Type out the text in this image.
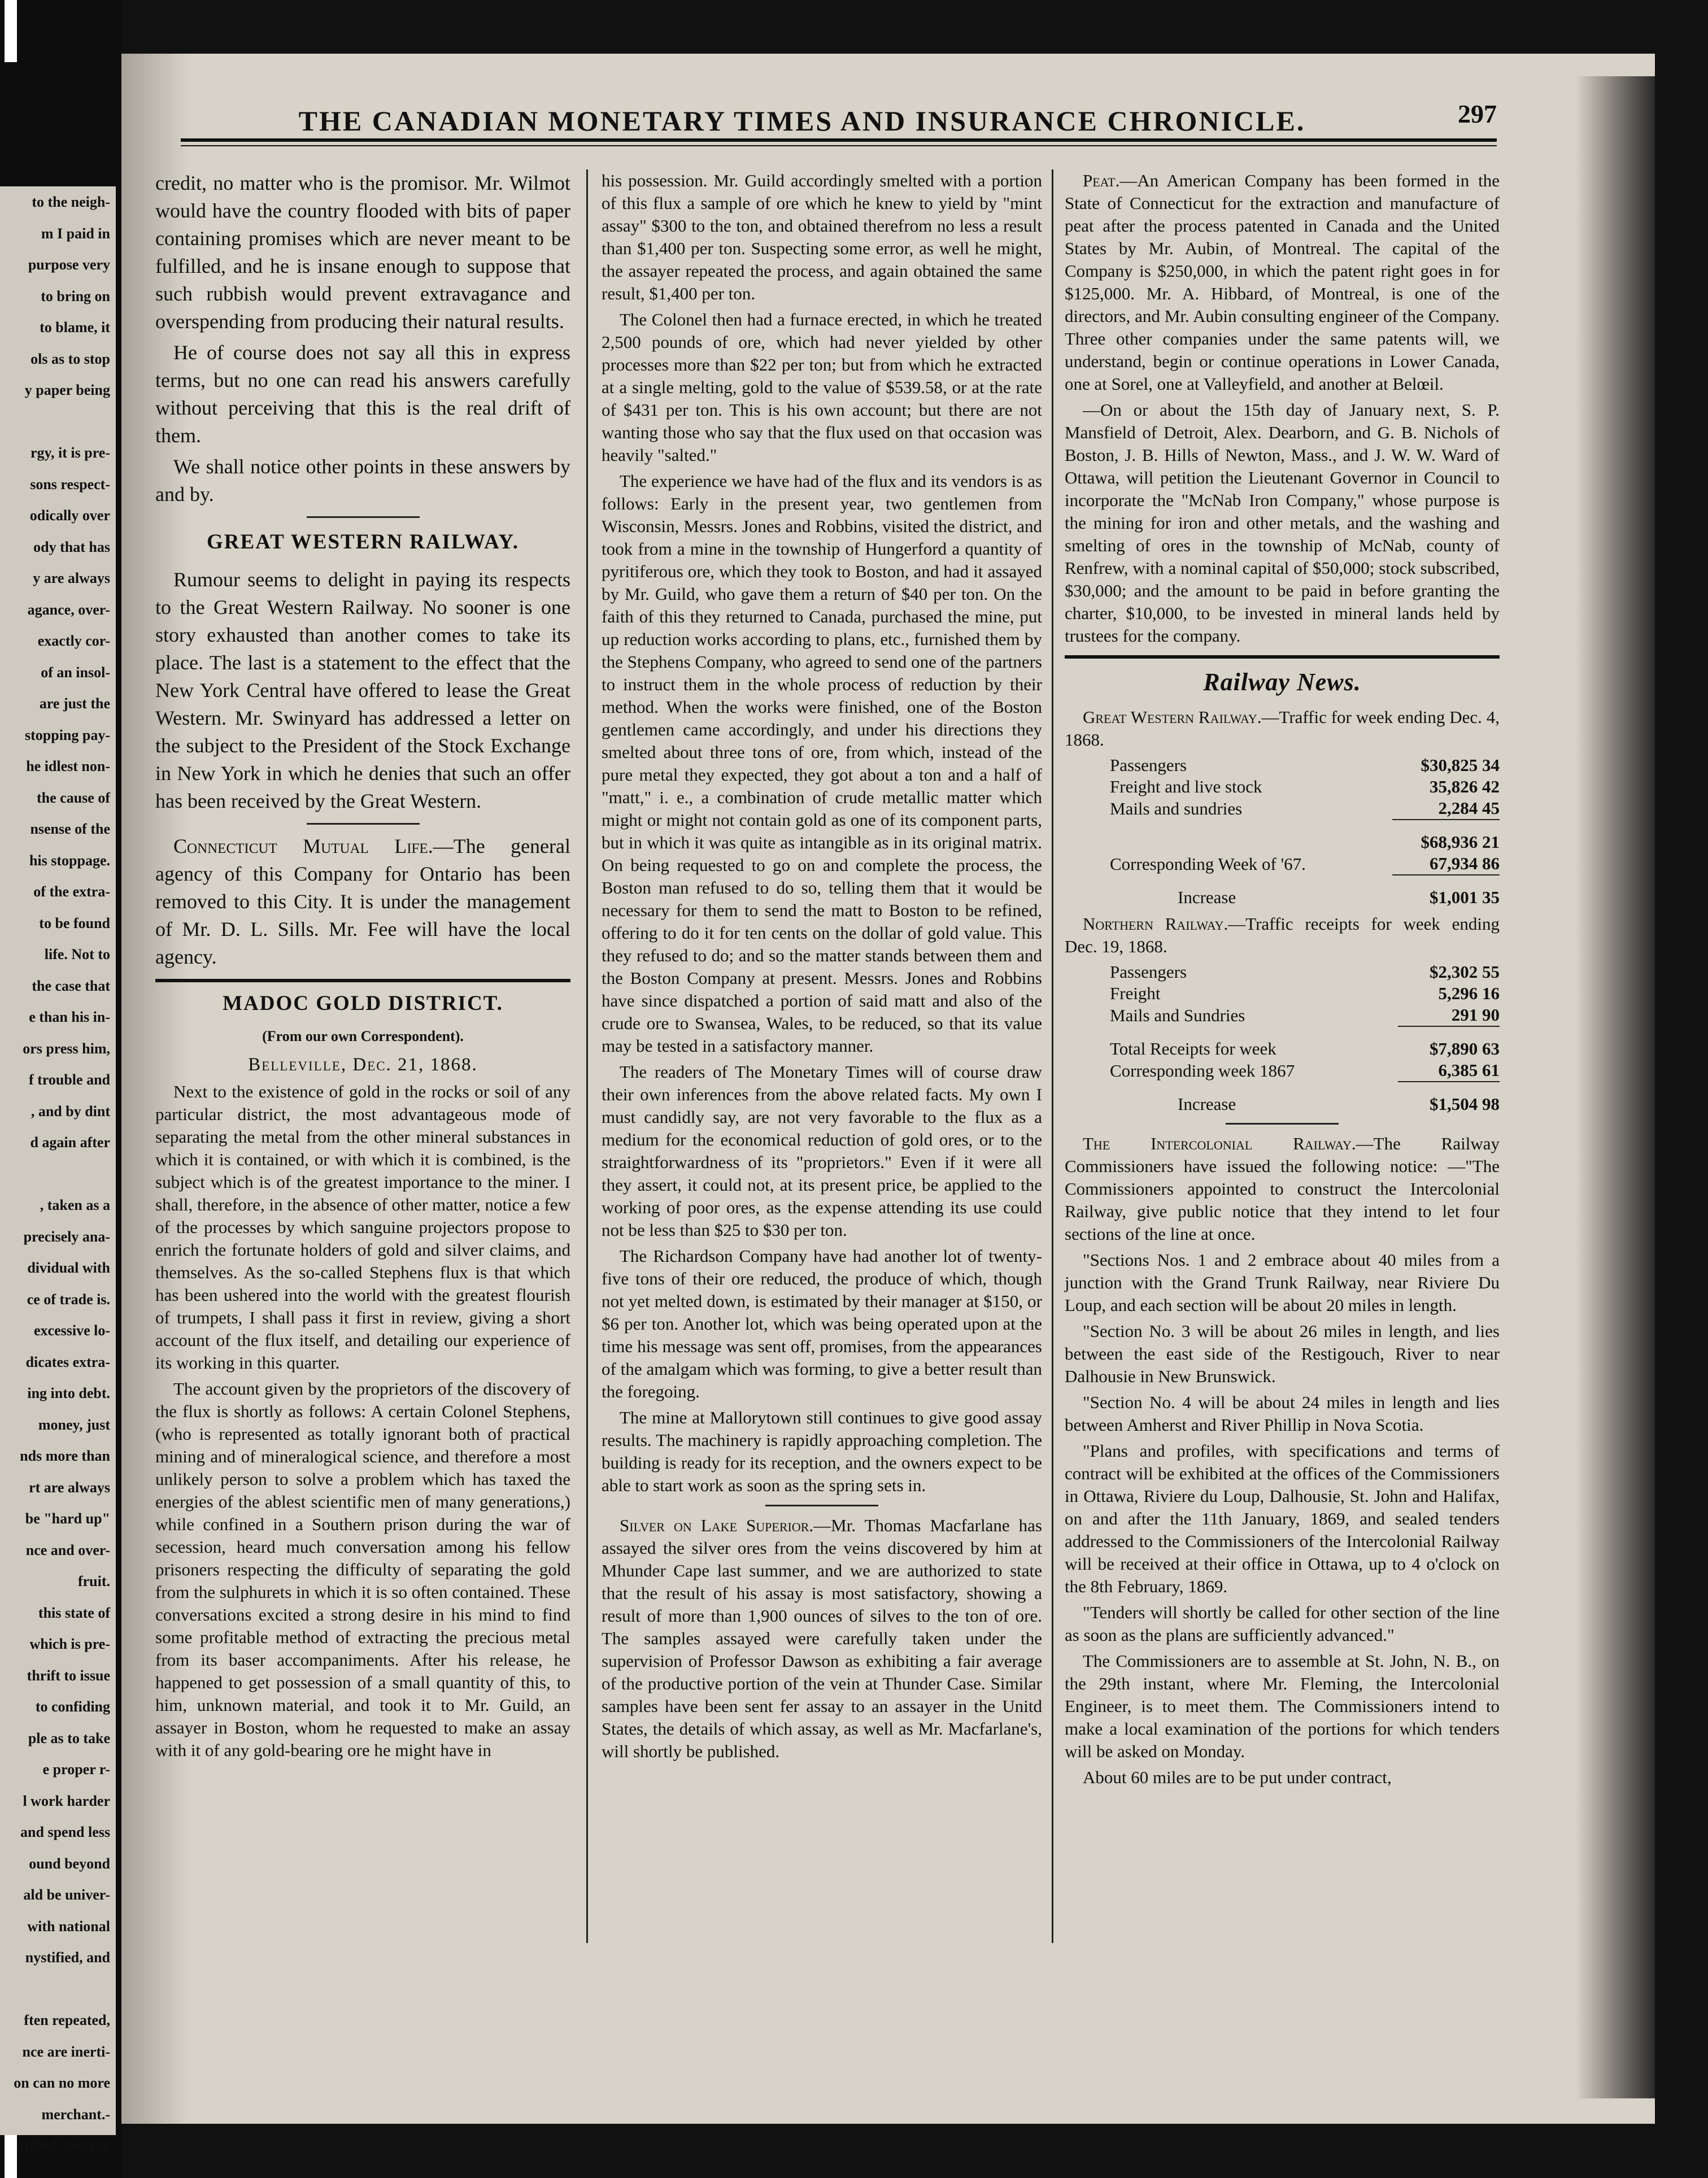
to the neigh-
m I paid in
purpose very
to bring on
to blame, it
ols as to stop
y paper being
rgy, it is pre-
sons respect-
odically over
ody that has
y are always
agance, over-
exactly cor-
of an insol-
are just the
stopping pay-
he idlest non-
the cause of
nsense of the
his stoppage.
of the extra-
to be found
life. Not to
the case that
e than his in-
ors press him,
f trouble and
, and by dint
d again after
, taken as a
precisely ana-
dividual with
ce of trade is.
excessive lo-
dicates extra-
ing into debt.
money, just
nds more than
rt are always
be "hard up"
nce and over-
fruit.
this state of
which is pre-
thrift to issue
to confiding
ple as to take
e proper r-
l work harder
and spend less
ound beyond
ald be univer-
with national
nystified, and
ften repeated,
nce are inerti-
on can no more
merchant.-
tfilled, destroy
THE CANADIAN MONETARY TIMES AND INSURANCE CHRONICLE.	297

credit, no matter who is the promisor. Mr. Wilmot would have the country flooded with bits of paper containing promises which are never meant to be fulfilled, and he is insane enough to suppose that such rubbish would prevent extravagance and overspending from producing their natural results.

He of course does not say all this in express terms, but no one can read his answers carefully without perceiving that this is the real drift of them.

We shall notice other points in these answers by and by.

GREAT WESTERN RAILWAY.

Rumour seems to delight in paying its respects to the Great Western Railway. No sooner is one story exhausted than another comes to take its place. The last is a statement to the effect that the New York Central have offered to lease the Great Western. Mr. Swinyard has addressed a letter on the subject to the President of the Stock Exchange in New York in which he denies that such an offer has been received by the Great Western.

Connecticut Mutual Life.—The general agency of this Company for Ontario has been removed to this City. It is under the management of Mr. D. L. Sills. Mr. Fee will have the local agency.

MADOC GOLD DISTRICT.
(From our own Correspondent).
Belleville, Dec. 21, 1868.

Next to the existence of gold in the rocks or soil of any particular district, the most advantageous mode of separating the metal from the other mineral substances in which it is contained, or with which it is combined, is the subject which is of the greatest importance to the miner. I shall, therefore, in the absence of other matter, notice a few of the processes by which sanguine projectors propose to enrich the fortunate holders of gold and silver claims, and themselves. As the so-called Stephens flux is that which has been ushered into the world with the greatest flourish of trumpets, I shall pass it first in review, giving a short account of the flux itself, and detailing our experience of its working in this quarter.

The account given by the proprietors of the discovery of the flux is shortly as follows: A certain Colonel Stephens, (who is represented as totally ignorant both of practical mining and of mineralogical science, and therefore a most unlikely person to solve a problem which has taxed the energies of the ablest scientific men of many generations,) while confined in a Southern prison during the war of secession, heard much conversation among his fellow prisoners respecting the difficulty of separating the gold from the sulphurets in which it is so often contained. These conversations excited a strong desire in his mind to find some profitable method of extracting the precious metal from its baser accompaniments. After his release, he happened to get possession of a small quantity of this, to him, unknown material, and took it to Mr. Guild, an assayer in Boston, whom he requested to make an assay with it of any gold-bearing ore he might have in

his possession. Mr. Guild accordingly smelted with a portion of this flux a sample of ore which he knew to yield by "mint assay" $300 to the ton, and obtained therefrom no less a result than $1,400 per ton. Suspecting some error, as well he might, the assayer repeated the process, and again obtained the same result, $1,400 per ton.

The Colonel then had a furnace erected, in which he treated 2,500 pounds of ore, which had never yielded by other processes more than $22 per ton; but from which he extracted at a single melting, gold to the value of $539.58, or at the rate of $431 per ton. This is his own account; but there are not wanting those who say that the flux used on that occasion was heavily "salted."

The experience we have had of the flux and its vendors is as follows: Early in the present year, two gentlemen from Wisconsin, Messrs. Jones and Robbins, visited the district, and took from a mine in the township of Hungerford a quantity of pyritiferous ore, which they took to Boston, and had it assayed by Mr. Guild, who gave them a return of $40 per ton. On the faith of this they returned to Canada, purchased the mine, put up reduction works according to plans, etc., furnished them by the Stephens Company, who agreed to send one of the partners to instruct them in the whole process of reduction by their method. When the works were finished, one of the Boston gentlemen came accordingly, and under his directions they smelted about three tons of ore, from which, instead of the pure metal they expected, they got about a ton and a half of "matt," i. e., a combination of crude metallic matter which might or might not contain gold as one of its component parts, but in which it was quite as intangible as in its original matrix. On being requested to go on and complete the process, the Boston man refused to do so, telling them that it would be necessary for them to send the matt to Boston to be refined, offering to do it for ten cents on the dollar of gold value. This they refused to do; and so the matter stands between them and the Boston Company at present. Messrs. Jones and Robbins have since dispatched a portion of said matt and also of the crude ore to Swansea, Wales, to be reduced, so that its value may be tested in a satisfactory manner.

The readers of The Monetary Times will of course draw their own inferences from the above related facts. My own I must candidly say, are not very favorable to the flux as a medium for the economical reduction of gold ores, or to the straightforwardness of its "proprietors." Even if it were all they assert, it could not, at its present price, be applied to the working of poor ores, as the expense attending its use could not be less than $25 to $30 per ton.

The Richardson Company have had another lot of twenty-five tons of their ore reduced, the produce of which, though not yet melted down, is estimated by their manager at $150, or $6 per ton. Another lot, which was being operated upon at the time his message was sent off, promises, from the appearances of the amalgam which was forming, to give a better result than the foregoing.

The mine at Mallorytown still continues to give good assay results. The machinery is rapidly approaching completion. The building is ready for its reception, and the owners expect to be able to start work as soon as the spring sets in.

Silver on Lake Superior.—Mr. Thomas Macfarlane has assayed the silver ores from the veins discovered by him at Mhunder Cape last summer, and we are authorized to state that the result of his assay is most satisfactory, showing a result of more than 1,900 ounces of silves to the ton of ore. The samples assayed were carefully taken under the supervision of Professor Dawson as exhibiting a fair average of the productive portion of the vein at Thunder Case. Similar samples have been sent fer assay to an assayer in the Unitd States, the details of which assay, as well as Mr. Macfarlane's, will shortly be published.

Peat.—An American Company has been formed in the State of Connecticut for the extraction and manufacture of peat after the process patented in Canada and the United States by Mr. Aubin, of Montreal. The capital of the Company is $250,000, in which the patent right goes in for $125,000. Mr. A. Hibbard, of Montreal, is one of the directors, and Mr. Aubin consulting engineer of the Company. Three other companies under the same patents will, we understand, begin or continue operations in Lower Canada, one at Sorel, one at Valleyfield, and another at Belœil.

—On or about the 15th day of January next, S. P. Mansfield of Detroit, Alex. Dearborn, and G. B. Nichols of Boston, J. B. Hills of Newton, Mass., and J. W. W. Ward of Ottawa, will petition the Lieutenant Governor in Council to incorporate the "McNab Iron Company," whose purpose is the mining for iron and other metals, and the washing and smelting of ores in the township of McNab, county of Renfrew, with a nominal capital of $50,000; stock subscribed, $30,000; and the amount to be paid in before granting the charter, $10,000, to be invested in mineral lands held by trustees for the company.

Railway News.

Great Western Railway.—Traffic for week ending Dec. 4, 1868.

Passengers	$30,825 34
Freight and live stock	35,826 42
Mails and sundries	2,284 45
	$68,936 21
Corresponding Week of '67.	67,934 86
Increase	$1,001 35

Northern Railway.—Traffic receipts for week ending Dec. 19, 1868.

Passengers	$2,302 55
Freight	5,296 16
Mails and Sundries	291 90
Total Receipts for week	$7,890 63
Corresponding week 1867	6,385 61
Increase	$1,504 98

The Intercolonial Railway.—The Railway Commissioners have issued the following notice: —"The Commissioners appointed to construct the Intercolonial Railway, give public notice that they intend to let four sections of the line at once.

"Sections Nos. 1 and 2 embrace about 40 miles from a junction with the Grand Trunk Railway, near Riviere Du Loup, and each section will be about 20 miles in length.

"Section No. 3 will be about 26 miles in length, and lies between the east side of the Restigouch, River to near Dalhousie in New Brunswick.

"Section No. 4 will be about 24 miles in length and lies between Amherst and River Phillip in Nova Scotia.

"Plans and profiles, with specifications and terms of contract will be exhibited at the offices of the Commissioners in Ottawa, Riviere du Loup, Dalhousie, St. John and Halifax, on and after the 11th January, 1869, and sealed tenders addressed to the Commissioners of the Intercolonial Railway will be received at their office in Ottawa, up to 4 o'clock on the 8th February, 1869.

"Tenders will shortly be called for other section of the line as soon as the plans are sufficiently advanced."

The Commissioners are to assemble at St. John, N. B., on the 29th instant, where Mr. Fleming, the Intercolonial Engineer, is to meet them. The Commissioners intend to make a local examination of the portions for which tenders will be asked on Monday.

About 60 miles are to be put under contract,
